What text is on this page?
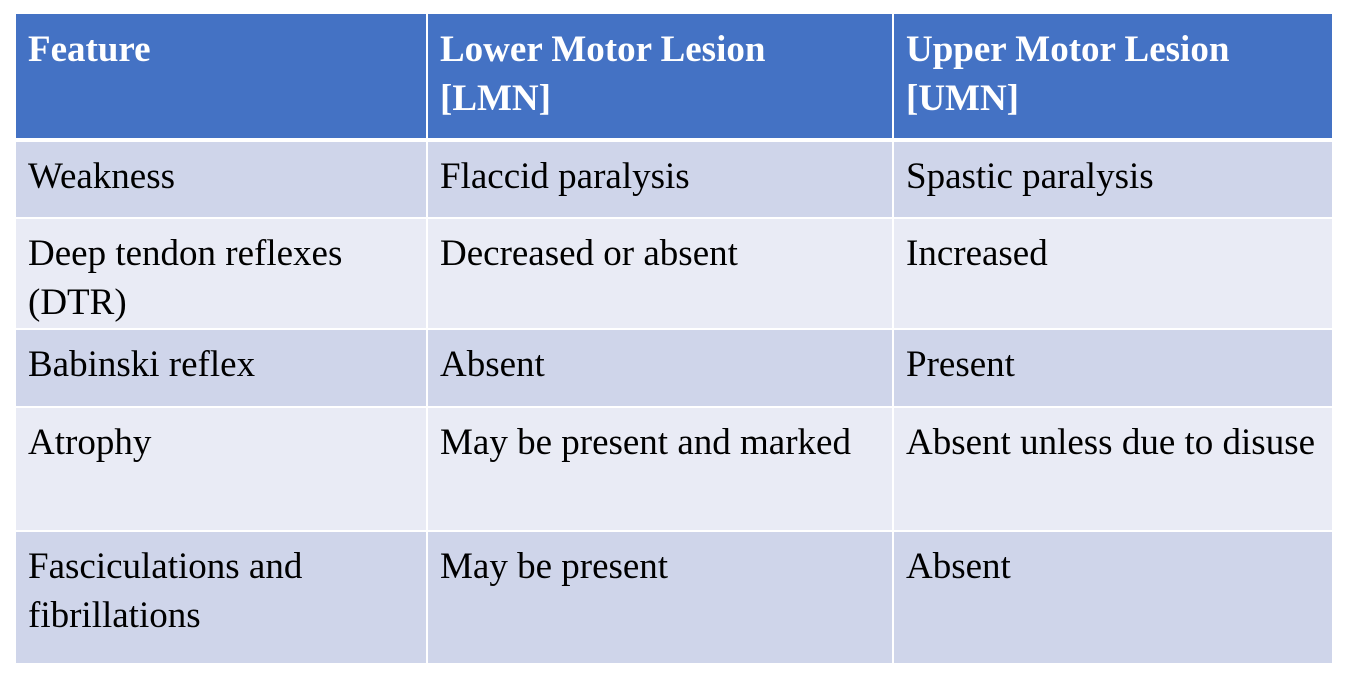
Feature	Lower Motor Lesion [LMN]	Upper Motor Lesion [UMN]
Weakness	Flaccid paralysis	Spastic paralysis
Deep tendon reflexes (DTR)	Decreased or absent	Increased
Babinski reflex	Absent	Present
Atrophy	May be present and marked	Absent unless due to disuse
Fasciculations and fibrillations	May be present	Absent
